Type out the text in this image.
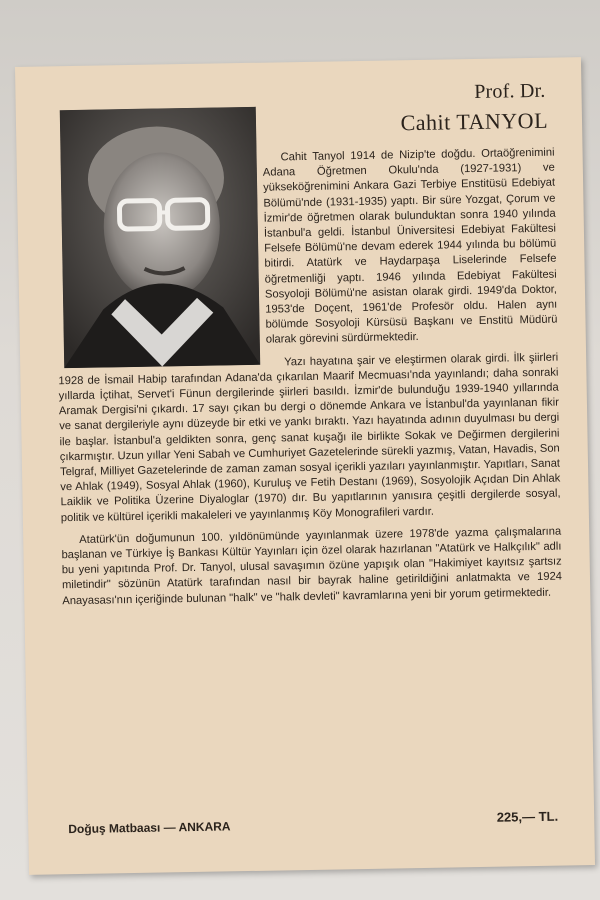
Prof. Dr.
Cahit TANYOL

Cahit Tanyol 1914 de Nizip'te doğdu. Ortaöğrenimini Adana Öğretmen Okulu'nda (1927-1931) ve yükseköğrenimini Ankara Gazi Terbiye Enstitüsü Edebiyat Bölümü'nde (1931-1935) yaptı. Bir süre Yozgat, Çorum ve İzmir'de öğretmen olarak bulunduktan sonra 1940 yılında İstanbul'a geldi. İstanbul Üniversitesi Edebiyat Fakültesi Felsefe Bölümü'ne devam ederek 1944 yılında bu bölümü bitirdi. Atatürk ve Haydarpaşa Liselerinde Felsefe öğretmenliği yaptı. 1946 yılında Edebiyat Fakültesi Sosyoloji Bölümü'ne asistan olarak girdi. 1949'da Doktor, 1953'de Doçent, 1961'de Profesör oldu. Halen aynı bölümde Sosyoloji Kürsüsü Başkanı ve Enstitü Müdürü olarak görevini sürdürmektedir.

Yazı hayatına şair ve eleştirmen olarak girdi. İlk şiirleri 1928 de İsmail Habip tarafından Adana'da çıkarılan Maarif Mecmuası'nda yayınlandı; daha sonraki yıllarda İçtihat, Servet'i Fünun dergilerinde şiirleri basıldı. İzmir'de bulunduğu 1939-1940 yıllarında Aramak Dergisi'ni çıkardı. 17 sayı çıkan bu dergi o dönemde Ankara ve İstanbul'da yayınlanan fikir ve sanat dergileriyle aynı düzeyde bir etki ve yankı bıraktı. Yazı hayatında adının duyulması bu dergi ile başlar. İstanbul'a geldikten sonra, genç sanat kuşağı ile birlikte Sokak ve Değirmen dergilerini çıkarmıştır. Uzun yıllar Yeni Sabah ve Cumhuriyet Gazetelerinde sürekli yazmış, Vatan, Havadis, Son Telgraf, Milliyet Gazetelerinde de zaman zaman sosyal içerikli yazıları yayınlanmıştır. Yapıtları, Sanat ve Ahlak (1949), Sosyal Ahlak (1960), Kuruluş ve Fetih Destanı (1969), Sosyolojik Açıdan Din Ahlak Laiklik ve Politika Üzerine Diyaloglar (1970) dır. Bu yapıtlarının yanısıra çeşitli dergilerde sosyal, politik ve kültürel içerikli makaleleri ve yayınlanmış Köy Monografileri vardır.

Atatürk'ün doğumunun 100. yıldönümünde yayınlanmak üzere 1978'de yazma çalışmalarına başlanan ve Türkiye İş Bankası Kültür Yayınları için özel olarak hazırlanan "Atatürk ve Halkçılık" adlı bu yeni yapıtında Prof. Dr. Tanyol, ulusal savaşımın özüne yapışık olan "Hakimiyet kayıtsız şartsız miletindir" sözünün Atatürk tarafından nasıl bir bayrak haline getirildiğini anlatmakta ve 1924 Anayasası'nın içeriğinde bulunan "halk" ve "halk devleti" kavramlarına yeni bir yorum getirmektedir.

Doğuş Matbaası — ANKARA
225,— TL.
